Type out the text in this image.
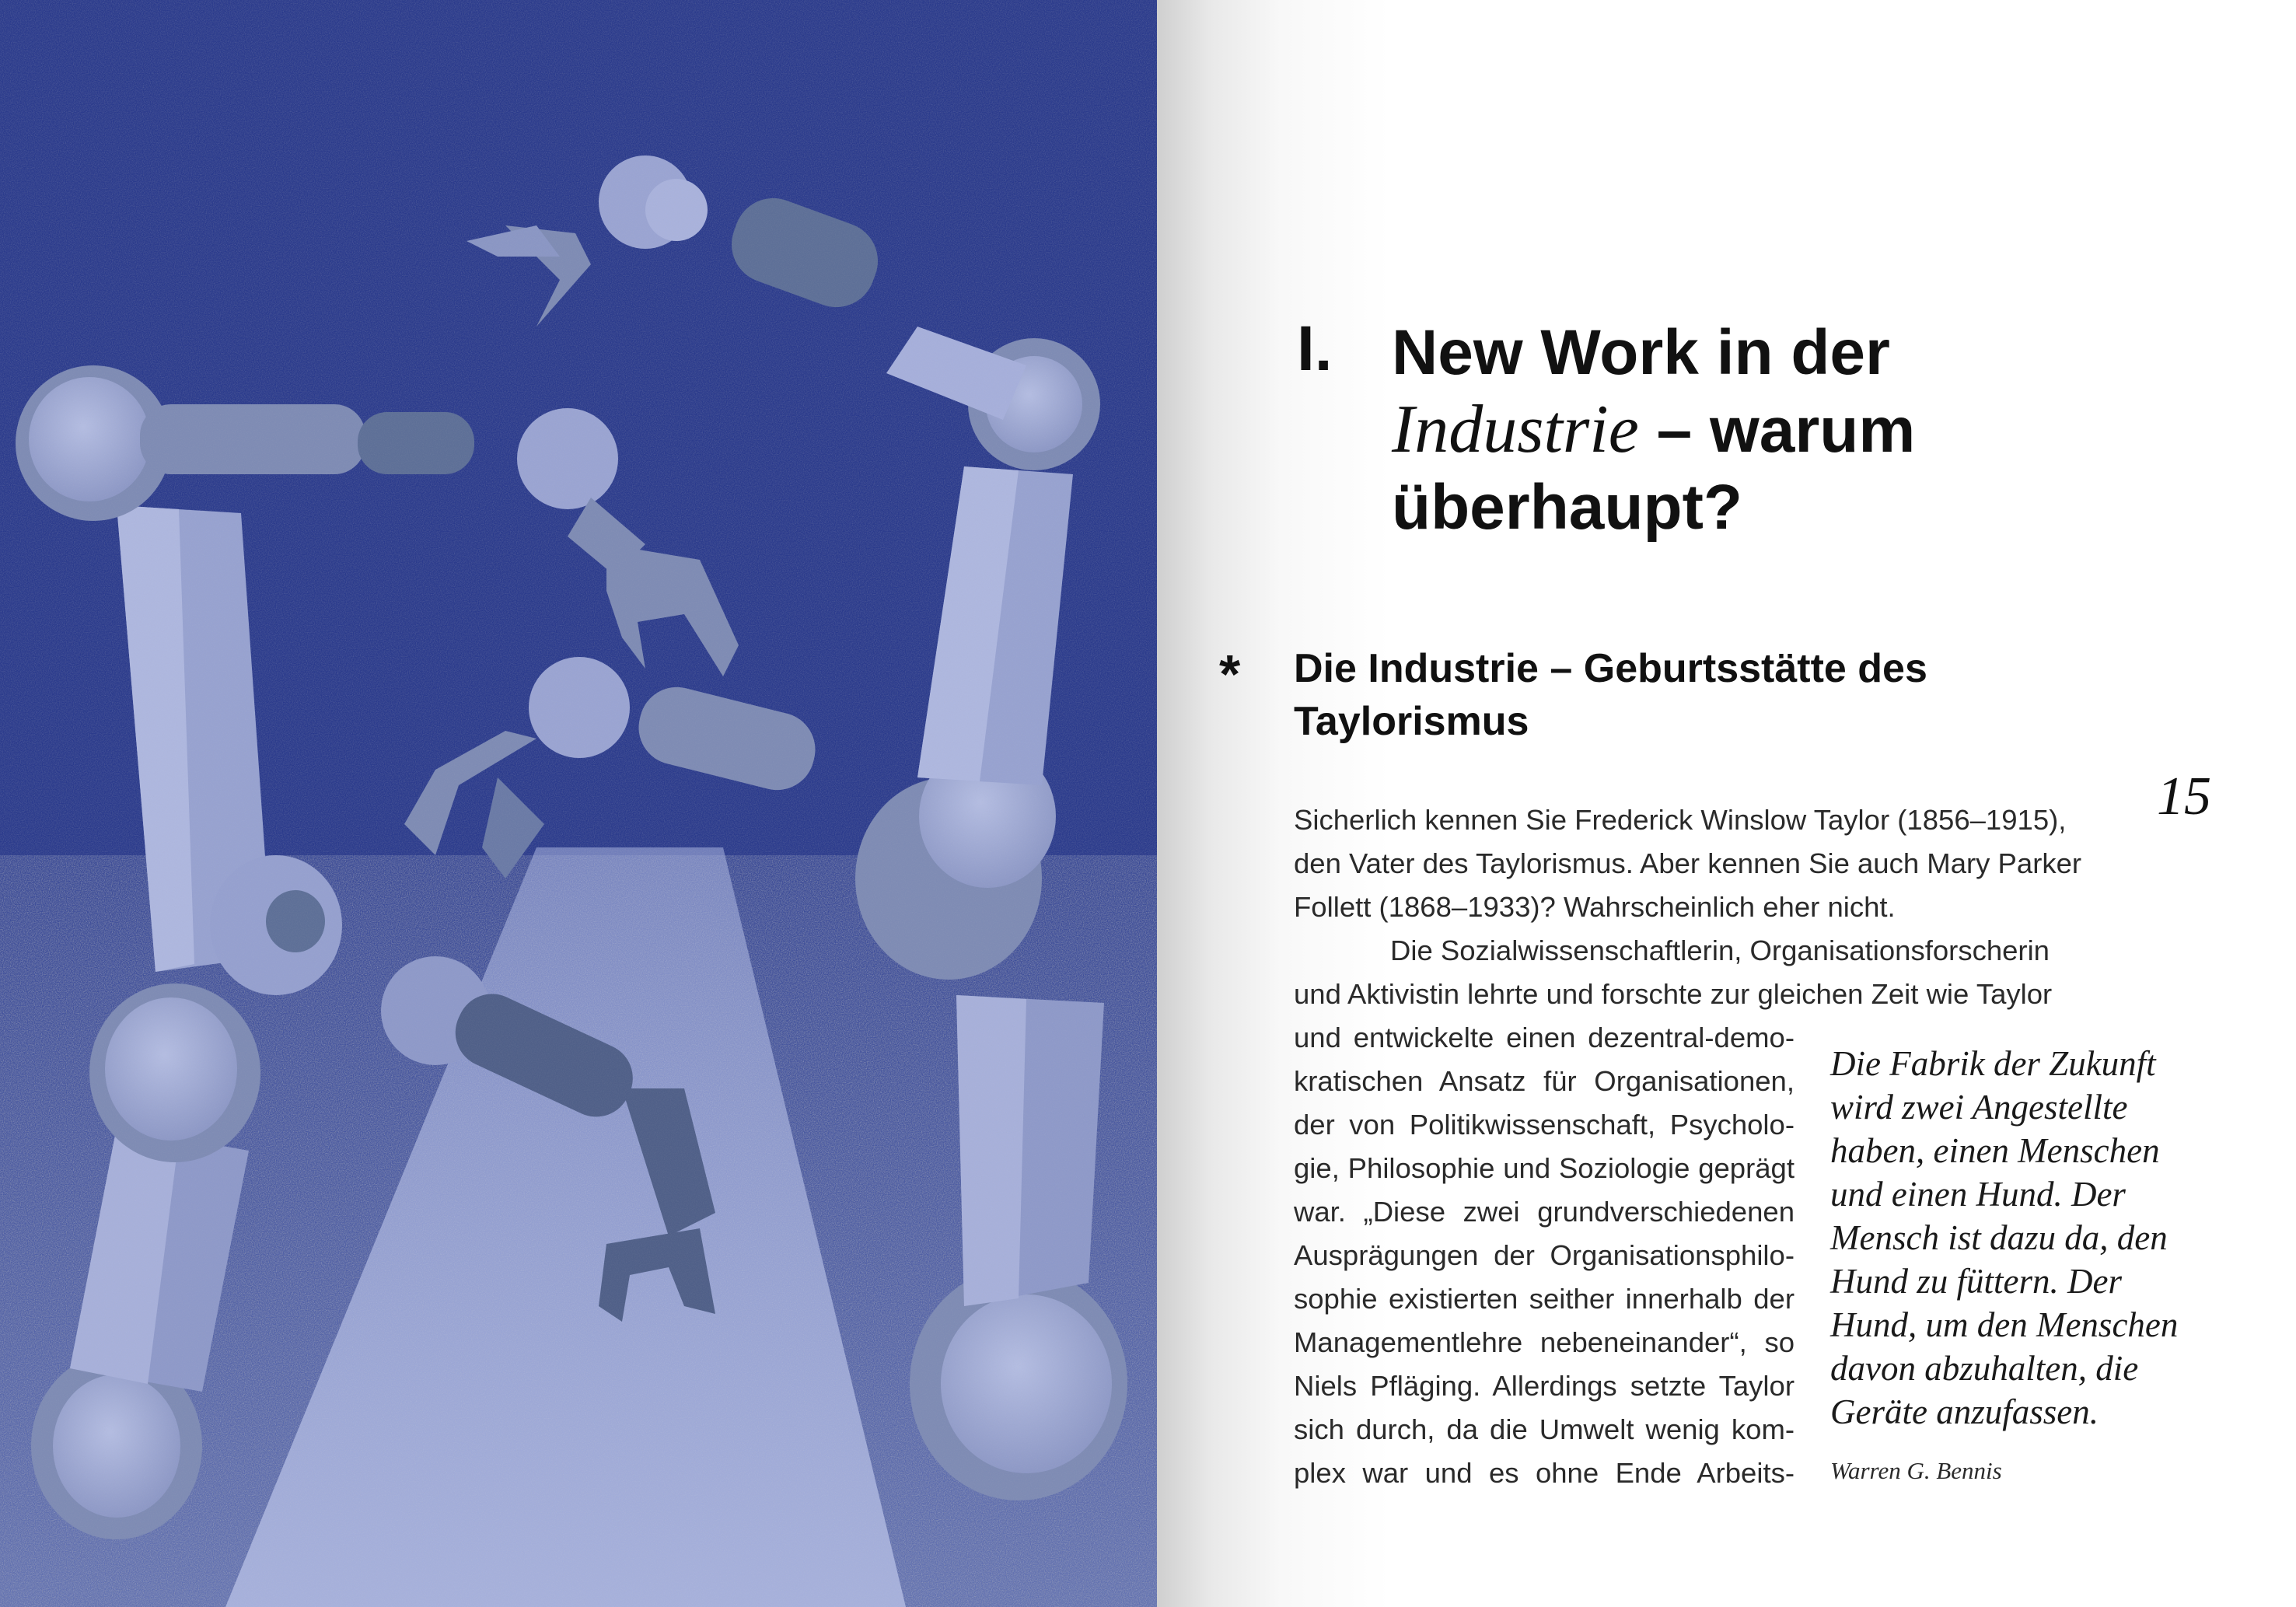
I. New Work in der
Industrie – warum
überhaupt?
* Die Industrie – Geburtsstätte des Taylorismus
15

Sicherlich kennen Sie Frederick Winslow Taylor (1856–1915), den Vater des Taylorismus. Aber kennen Sie auch Mary Parker Follett (1868–1933)? Wahrscheinlich eher nicht.

Die Sozialwissenschaftlerin, Organisationsforscherin und Aktivistin lehrte und forschte zur gleichen Zeit wie Taylor

und entwickelte einen dezentral-demokratischen Ansatz für Organisationen, der von Politikwissenschaft, Psychologie, Philosophie und Soziologie geprägt war. „Diese zwei grundverschiedenen Ausprägungen der Organisationsphilosophie existierten seither innerhalb der Managementlehre nebeneinander“, so Niels Pfläging. Allerdings setzte Taylor sich durch, da die Umwelt wenig komplex war und es ohne Ende Arbeits-

Die Fabrik der Zukunft wird zwei Angestellte haben, einen Menschen und einen Hund. Der Mensch ist dazu da, den Hund zu füttern. Der Hund, um den Menschen davon abzuhalten, die Geräte anzufassen.

Warren G. Bennis
